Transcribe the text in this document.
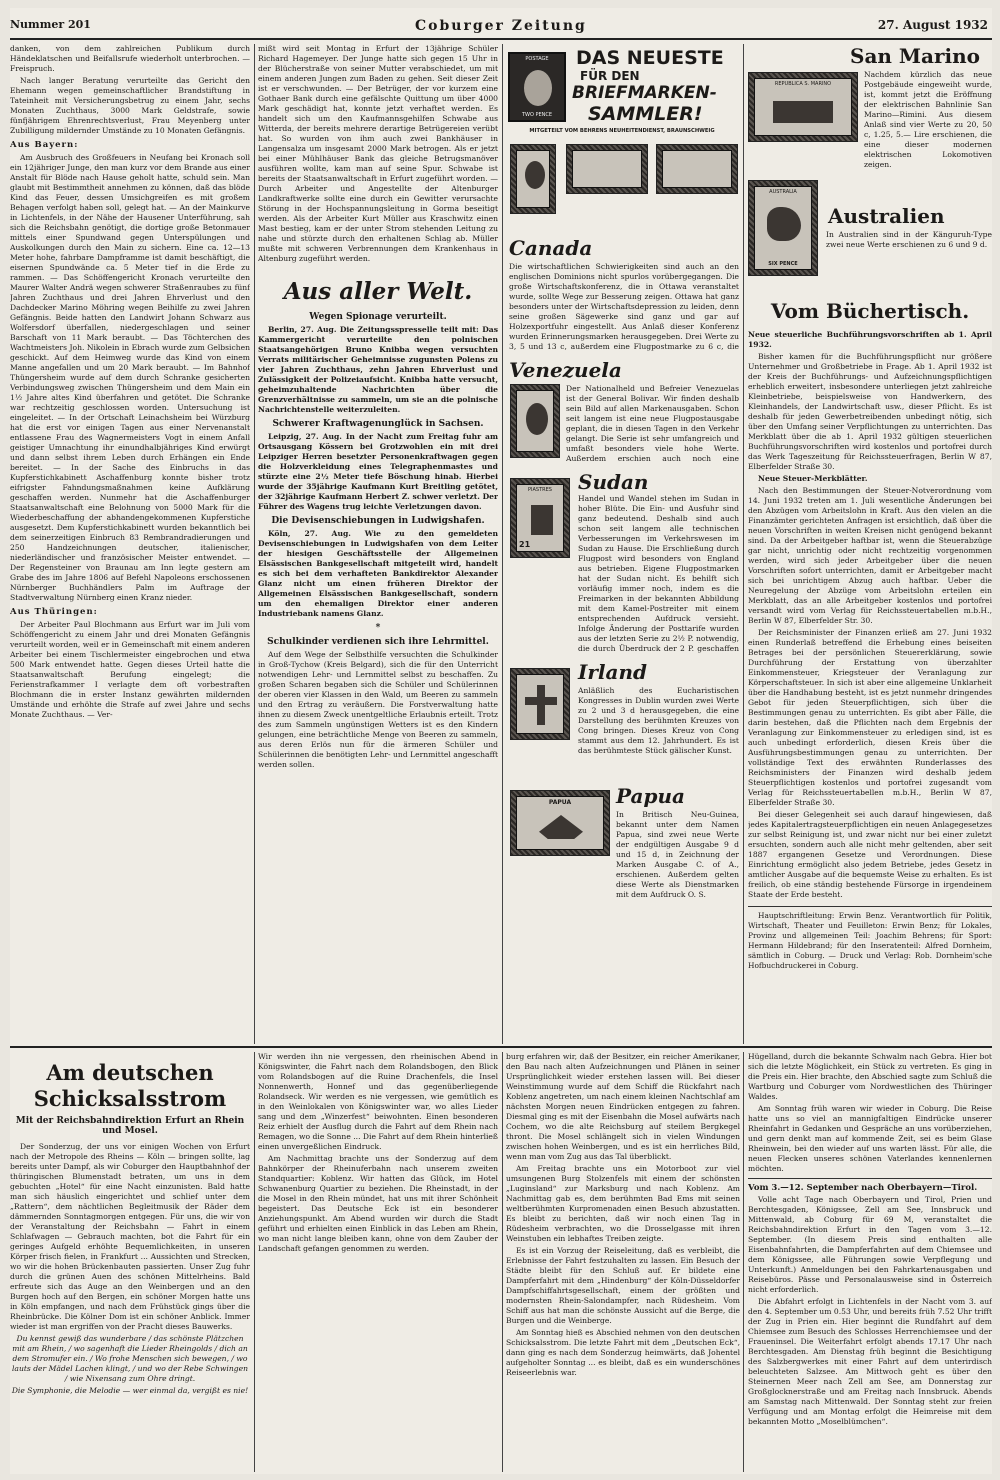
Nummer 201	Coburger Zeitung	27. August 1932

danken, von dem zahlreichen Publikum durch Händeklatschen und Beifallsrufe wiederholt unterbrochen. — Freispruch.

Nach langer Beratung verurteilte das Gericht den Ehemann wegen gemeinschaftlicher Brandstiftung in Tateinheit mit Versicherungsbetrug zu einem Jahr, sechs Monaten Zuchthaus, 3000 Mark Geldstrafe, sowie fünfjährigem Ehrenrechtsverlust, Frau Meyenberg unter Zubilligung mildernder Umstände zu 10 Monaten Gefängnis.

Aus Bayern:

Am Ausbruch des Großfeuers in Neufang bei Kronach soll ein 12jähriger Junge, den man kurz vor dem Brande aus einer Anstalt für Blöde nach Hause geholt hatte, schuld sein. Man glaubt mit Bestimmtheit annehmen zu können, daß das blöde Kind das Feuer, dessen Umsichgreifen es mit großem Behagen verfolgt haben soll, gelegt hat. — An der Mainkurve in Lichtenfels, in der Nähe der Hausener Unterführung, sah sich die Reichsbahn genötigt, die dortige große Betonmauer mittels einer Spundwand gegen Unterspülungen und Auskolkungen durch den Main zu sichern. Eine ca. 12—13 Meter hohe, fahrbare Dampframme ist damit beschäftigt, die eisernen Spundwände ca. 5 Meter tief in die Erde zu rammen. — Das Schöffengericht Kronach verurteilte den Maurer Walter Andrä wegen schwerer Straßenraubes zu fünf Jahren Zuchthaus und drei Jahren Ehrverlust und den Dachdecker Marino Möhring wegen Beihilfe zu zwei Jahren Gefängnis. Beide hatten den Landwirt Johann Schwarz aus Wolfersdorf überfallen, niedergeschlagen und seiner Barschaft von 11 Mark beraubt. — Das Töchterchen des Wachtmeisters Joh. Nikolein in Ebrach wurde zum Gelbsichen geschickt. Auf dem Heimweg wurde das Kind von einem Manne angefallen und um 20 Mark beraubt. — Im Bahnhof Thüngersheim wurde auf dem durch Schranke gesicherten Verbindungsweg zwischen Thüngersheim und dem Main ein 1½ Jahre altes Kind überfahren und getötet. Die Schranke war rechtzeitig geschlossen worden. Untersuchung ist eingeleitet. — In der Ortschaft Leinachsheim bei Würzburg hat die erst vor einigen Tagen aus einer Nervenanstalt entlassene Frau des Wagnermeisters Vogt in einem Anfall geistiger Umnachtung ihr einundhalbjähriges Kind erwürgt und dann selbst ihrem Leben durch Erhängen ein Ende bereitet. — In der Sache des Einbruchs in das Kupferstichkabinett Aschaffenburg konnte bisher trotz eifrigster Fahndungsmaßnahmen keine Aufklärung geschaffen werden. Nunmehr hat die Aschaffenburger Staatsanwaltschaft eine Belohnung von 5000 Mark für die Wiederbeschaffung der abhandengekommenen Kupferstiche ausgesetzt. Dem Kupferstichkabinett wurden bekanntlich bei dem seinerzeitigen Einbruch 83 Rembrandradierungen und 250 Handzeichnungen deutscher, italienischer, niederländischer und französischer Meister entwendet. — Der Regensteiner von Braunau am Inn legte gestern am Grabe des im Jahre 1806 auf Befehl Napoleons erschossenen Nürnberger Buchhändlers Palm im Auftrage der Stadtverwaltung Nürnberg einen Kranz nieder.

Aus Thüringen:

Der Arbeiter Paul Blochmann aus Erfurt war im Juli vom Schöffengericht zu einem Jahr und drei Monaten Gefängnis verurteilt worden, weil er in Gemeinschaft mit einem anderen Arbeiter bei einem Tischlermeister eingebrochen und etwa 500 Mark entwendet hatte. Gegen dieses Urteil hatte die Staatsanwaltschaft Berufung eingelegt; die Ferienstrafkammer I verlagte dem oft vorbestraften Blochmann die in erster Instanz gewährten mildernden Umstände und erhöhte die Strafe auf zwei Jahre und sechs Monate Zuchthaus. — Ver-

mißt wird seit Montag in Erfurt der 13jährige Schüler Richard Hagemeyer. Der Junge hatte sich gegen 15 Uhr in der Blücherstraße von seiner Mutter verabschiedet, um mit einem anderen Jungen zum Baden zu gehen. Seit dieser Zeit ist er verschwunden. — Der Betrüger, der vor kurzem eine Gothaer Bank durch eine gefälschte Quittung um über 4000 Mark geschädigt hat, konnte jetzt verhaftet werden. Es handelt sich um den Kaufmannsgehilfen Schwabe aus Witterda, der bereits mehrere derartige Betrügereien verübt hat. So wurden von ihm auch zwei Bankhäuser in Langensalza um insgesamt 2000 Mark betrogen. Als er jetzt bei einer Mühlhäuser Bank das gleiche Betrugsmanöver ausführen wollte, kam man auf seine Spur. Schwabe ist bereits der Staatsanwaltschaft in Erfurt zugeführt worden. — Durch Arbeiter und Angestellte der Altenburger Landkraftwerke sollte eine durch ein Gewitter verursachte Störung in der Hochspannungsleitung in Gorma beseitigt werden. Als der Arbeiter Kurt Müller aus Kraschwitz einen Mast bestieg, kam er der unter Strom stehenden Leitung zu nahe und stürzte durch den erhaltenen Schlag ab. Müller mußte mit schweren Verbrennungen dem Krankenhaus in Altenburg zugeführt werden.

Aus aller Welt.
Wegen Spionage verurteilt.

Berlin, 27. Aug. Die Zeitungsspresselle teilt mit: Das Kammergericht verurteilte den polnischen Staatsangehörigen Bruno Knibba wegen versuchten Verrats militärischer Geheimnisse zugunsten Polens zu vier Jahren Zuchthaus, zehn Jahren Ehrverlust und Zulässigkeit der Polizeiaufsicht. Knibba hatte versucht, geheimzuhaltende Nachrichten über die Grenzverhältnisse zu sammeln, um sie an die polnische Nachrichtenstelle weiterzuleiten.

Schwerer Kraftwagenunglück in Sachsen.

Leipzig, 27. Aug. In der Nacht zum Freitag fuhr am Ortsausgang Kössern bei Grotzwohlen ein mit drei Leipziger Herren besetzter Personenkraftwagen gegen die Holzverkleidung eines Telegraphenmastes und stürzte eine 2½ Meter tiefe Böschung hinab. Hierbei wurde der 35jährige Kaufmann Kurt Breitling getötet, der 32jährige Kaufmann Herbert Z. schwer verletzt. Der Führer des Wagens trug leichte Verletzungen davon.

Die Devisenschiebungen in Ludwigshafen.

Köln, 27. Aug. Wie zu den gemeldeten Devisenschiebungen in Ludwigshafen von dem Leiter der hiesigen Geschäftsstelle der Allgemeinen Elsässischen Bankgesellschaft mitgeteilt wird, handelt es sich bei dem verhafteten Bankdirektor Alexander Glanz nicht um einen früheren Direktor der Allgemeinen Elsässischen Bankgesellschaft, sondern um den ehemaligen Direktor einer anderen Industriebank namens Glanz.

*
Schulkinder verdienen sich ihre Lehrmittel.

Auf dem Wege der Selbsthilfe versuchten die Schulkinder in Groß-Tychow (Kreis Belgard), sich die für den Unterricht notwendigen Lehr- und Lernmittel selbst zu beschaffen. Zu großen Scharen begaben sich die Schüler und Schülerinnen der oberen vier Klassen in den Wald, um Beeren zu sammeln und den Ertrag zu veräußern. Die Forstverwaltung hatte ihnen zu diesem Zweck unentgeltliche Erlaubnis erteilt. Trotz des zum Sammeln ungünstigen Wetters ist es den Kindern gelungen, eine beträchtliche Menge von Beeren zu sammeln, aus deren Erlös nun für die ärmeren Schüler und Schülerinnen die benötigten Lehr- und Lernmittel angeschafft werden sollen.

POSTAGE
TWO PENCE
DAS NEUESTE
FÜR DEN
BRIEFMARKEN-
SAMMLER!
MITGETEILT VOM BEHRENS NEUHEITENDIENST, BRAUNSCHWEIG
Canada

Die wirtschaftlichen Schwierigkeiten sind auch an den englischen Dominions nicht spurlos vorübergegangen. Die große Wirtschaftskonferenz, die in Ottawa veranstaltet wurde, sollte Wege zur Besserung zeigen. Ottawa hat ganz besonders unter der Wirtschaftsdepression zu leiden, denn seine großen Sägewerke sind ganz und gar auf Holzexportfuhr eingestellt. Aus Anlaß dieser Konferenz wurden Erinnerungsmarken herausgegeben. Drei Werte zu 3, 5 und 13 c, außerdem eine Flugpostmarke zu 6 c, die

Venezuela

Der Nationalheld und Befreier Venezuelas ist der General Bolivar. Wir finden deshalb sein Bild auf allen Markenausgaben. Schon seit langem ist eine neue Flugpostausgabe geplant, die in diesen Tagen in den Verkehr gelangt. Die Serie ist sehr umfangreich und umfaßt besonders viele hohe Werte. Außerdem erschien auch noch eine

PIASTRES
21
Sudan

Handel und Wandel stehen im Sudan in hoher Blüte. Die Ein- und Ausfuhr sind ganz bedeutend. Deshalb sind auch schon seit langem alle technischen Verbesserungen im Verkehrswesen im Sudan zu Hause. Die Erschließung durch Flugpost wird besonders von England aus betrieben. Eigene Flugpostmarken hat der Sudan nicht. Es behilft sich vorläufig immer noch, indem es die Freimarken in der bekannten Abbildung mit dem Kamel-Postreiter mit einem entsprechenden Aufdruck versieht. Infolge Änderung der Posttarife wurden aus der letzten Serie zu 2½ P. notwendig, die durch Überdruck der 2 P. geschaffen

Irland

Anläßlich des Eucharistischen Kongresses in Dublin wurden zwei Werte zu 2 und 3 d herausgegeben, die eine Darstellung des berühmten Kreuzes von Cong bringen. Dieses Kreuz von Cong stammt aus dem 12. Jahrhundert. Es ist das berühmteste Stück gälischer Kunst.

PAPUA	Papua

In Britisch Neu-Guinea, bekannt unter dem Namen Papua, sind zwei neue Werte der endgültigen Ausgabe 9 d und 15 d, in Zeichnung der Marken Ausgabe C. of A., erschienen. Außerdem gelten diese Werte als Dienstmarken mit dem Aufdruck O. S.

San Marino
REPUBLICA S. MARINO

Nachdem kürzlich das neue Postgebäude eingeweiht wurde, ist, kommt jetzt die Eröffnung der elektrischen Bahnlinie San Marino—Rimini. Aus diesem Anlaß sind vier Werte zu 20, 50 c, 1.25, 5.— Lire erschienen, die eine dieser modernen elektrischen Lokomotiven zeigen.

Australien
AUSTRALIA
SIX PENCE

In Australien sind in der Känguruh-Type zwei neue Werte erschienen zu 6 und 9 d.

Vom Büchertisch.

Neue steuerliche Buchführungsvorschriften ab 1. April 1932.

Bisher kamen für die Buchführungspflicht nur größere Unternehmer und Großbetriebe in Frage. Ab 1. April 1932 ist der Kreis der Buchführungs- und Aufzeichnungspflichtigen erheblich erweitert, insbesondere unterliegen jetzt zahlreiche Kleinbetriebe, beispielsweise von Handwerkern, des Kleinhandels, der Landwirtschaft usw., dieser Pflicht. Es ist deshalb für jeden Gewerbetreibenden unbedingt nötig, sich über den Umfang seiner Verpflichtungen zu unterrichten. Das Merkblatt über die ab 1. April 1932 gültigen steuerlichen Buchführungsvorschriften wird kostenlos und portofrei durch das Werk Tageszeitung für Reichssteuerfragen, Berlin W 87, Elberfelder Straße 30.

Neue Steuer-Merkblätter.

Nach den Bestimmungen der Steuer-Notverordnung vom 14. Juni 1932 treten am 1. Juli wesentliche Änderungen bei den Abzügen vom Arbeitslohn in Kraft. Aus den vielen an die Finanzämter gerichteten Anfragen ist ersichtlich, daß über die neuen Vorschriften in weiten Kreisen nicht genügend bekannt sind. Da der Arbeitgeber haftbar ist, wenn die Steuerabzüge gar nicht, unrichtig oder nicht rechtzeitig vorgenommen werden, wird sich jeder Arbeitgeber über die neuen Vorschriften sofort unterrichten, damit er Arbeitgeber macht sich bei unrichtigem Abzug auch haftbar. Ueber die Neuregelung der Abzüge vom Arbeitslohn erteilen ein Merkblatt, das an alle Arbeitgeber kostenlos und portofrei versandt wird vom Verlag für Reichssteuertabellen m.b.H., Berlin W 87, Elberfelder Str. 30.

Der Reichsminister der Finanzen erließ am 27. Juni 1932 einen Runderlaß betreffend die Erhebung eines beiseiten Betrages bei der persönlichen Steuererklärung, sowie Durchführung der Erstattung von überzahlter Einkommensteuer, Kriegsteuer der Veranlagung zur Körperschaftsteuer. In sich ist aber eine allgemeine Unklarheit über die Handhabung besteht, ist es jetzt nunmehr dringendes Gebot für jeden Steuerpflichtigen, sich über die Bestimmungen genau zu unterrichten. Es gibt aber Fälle, die darin bestehen, daß die Pflichten nach dem Ergebnis der Veranlagung zur Einkommensteuer zu erledigen sind, ist es auch unbedingt erforderlich, diesen Kreis über die Ausführungsbestimmungen genau zu unterrichten. Der vollständige Text des erwähnten Runderlasses des Reichsministers der Finanzen wird deshalb jedem Steuerpflichtigen kostenlos und portofrei zugesandt vom Verlag für Reichssteuertabellen m.b.H., Berlin W 87, Elberfelder Straße 30.

Bei dieser Gelegenheit sei auch darauf hingewiesen, daß jedes Kapitalertragsteuerpflichtigen ein neuen Anlagegesetzes zur selbst Reinigung ist, und zwar nicht nur bei einer zuletzt ersuchten, sondern auch alle nicht mehr geltenden, aber seit 1887 ergangenen Gesetze und Verordnungen. Diese Einrichtung ermöglicht also jedem Betriebe, jedes Gesetz in amtlicher Ausgabe auf die bequemste Weise zu erhalten. Es ist freilich, ob eine ständig bestehende Fürsorge in irgendeinem Staate der Erde besteht.

Hauptschriftleitung: Erwin Benz. Verantwortlich für Politik, Wirtschaft, Theater und Feuilleton: Erwin Benz; für Lokales, Provinz und allgemeinen Teil: Joachim Behrens; für Sport: Hermann Hildebrand; für den Inseratenteil: Alfred Dornheim, sämtlich in Coburg. — Druck und Verlag: Rob. Dornheim'sche Hofbuchdruckerei in Coburg.

Am deutschen Schicksalsstrom
Mit der Reichsbahndirektion Erfurt an Rhein und Mosel.

Der Sonderzug, der uns vor einigen Wochen von Erfurt nach der Metropole des Rheins — Köln — bringen sollte, lag bereits unter Dampf, als wir Coburger den Hauptbahnhof der thüringischen Blumenstadt betraten, um uns in dem gebuchten „Hotel“ für eine Nacht einzunisten. Bald hatte man sich häuslich eingerichtet und schlief unter dem „Rattern“, dem nächtlichen Begleitmusik der Räder dem dämmernden Sonntagmorgen entgegen. Für uns, die wir von der Veranstaltung der Reichsbahn — Fahrt in einem Schlafwagen — Gebrauch machten, bot die Fahrt für ein geringes Aufgeld erhöhte Bequemlichkeiten, in unseren Körper frisch fielen, in Frankfurt ... Aussichten und Strecken, wo wir die hohen Brückenbauten passierten. Unser Zug fuhr durch die grünen Auen des schönen Mittelrheins. Bald erfreute sich das Auge an den Weinbergen und an den Burgen hoch auf den Bergen, ein schöner Morgen hatte uns in Köln empfangen, und nach dem Frühstück gings über die Rheinbrücke. Die Kölner Dom ist ein schöner Anblick. Immer wieder ist man ergriffen von der Pracht dieses Bauwerks.

Du kennst gewiß das wunderbare / das schönste Plätzchen mit am Rhein, / wo sagenhaft die Lieder Rheingolds / dich an dem Stromufer ein. / Wo frohe Menschen sich bewegen, / wo lauts der Mädel Lachen klingt, / und wo der Rebe Schwingen / wie Nixensang zum Ohre dringt.

Die Symphonie, die Melodie — wer einmal da, vergißt es nie!

Wir werden ihn nie vergessen, den rheinischen Abend in Königswinter, die Fahrt nach dem Rolandsbogen, den Blick vom Rolandsbogen auf die Ruine Drachenfels, die Insel Nonnenwerth, Honnef und das gegenüberliegende Rolandseck. Wir werden es nie vergessen, wie gemütlich es in den Weinlokalen von Königswinter war, wo alles Lieder sang und dem „Winzerfest“ beiwohnten. Einen besonderen Reiz erhielt der Ausflug durch die Fahrt auf dem Rhein nach Remagen, wo die Sonne ... Die Fahrt auf dem Rhein hinterließ einen unvergeßlichen Eindruck.

Am Nachmittag brachte uns der Sonderzug auf dem Bahnkörper der Rheinuferbahn nach unserem zweiten Standquartier: Koblenz. Wir hatten das Glück, im Hotel Schwanenburg Quartier zu beziehen. Die Rheinstadt, in der die Mosel in den Rhein mündet, hat uns mit ihrer Schönheit begeistert. Das Deutsche Eck ist ein besonderer Anziehungspunkt. Am Abend wurden wir durch die Stadt geführt und erhielten einen Einblick in das Leben am Rhein, wo man nicht lange bleiben kann, ohne von dem Zauber der Landschaft gefangen genommen zu werden.

burg erfahren wir, daß der Besitzer, ein reicher Amerikaner, den Bau nach alten Aufzeichnungen und Plänen in seiner Ursprünglichkeit wieder erstehen lassen will. Bei dieser Weinstimmung wurde auf dem Schiff die Rückfahrt nach Koblenz angetreten, um nach einem kleinen Nachtschlaf am nächsten Morgen neuen Eindrücken entgegen zu fahren. Diesmal ging es mit der Eisenbahn die Mosel aufwärts nach Cochem, wo die alte Reichsburg auf steilem Bergkegel thront. Die Mosel schlängelt sich in vielen Windungen zwischen hohen Weinbergen, und es ist ein herrliches Bild, wenn man vom Zug aus das Tal überblickt.

Am Freitag brachte uns ein Motorboot zur viel umsungenen Burg Stolzenfels mit einem der schönsten „Luginsland“ zur Marksburg und nach Koblenz. Am Nachmittag gab es, dem berühmten Bad Ems mit seinen weltberühmten Kurpromenaden einen Besuch abzustatten. Es bleibt zu berichten, daß wir noch einen Tag in Rüdesheim verbrachten, wo die Drosselgasse mit ihren Weinstuben ein lebhaftes Treiben zeigte.

Es ist ein Vorzug der Reiseleitung, daß es verbleibt, die Erlebnisse der Fahrt festzuhalten zu lassen. Ein Besuch der Städte bleibt für den Schluß auf. Er bildete eine Dampferfahrt mit dem „Hindenburg“ der Köln-Düsseldorfer Dampfschiffahrtsgesellschaft, einem der größten und modernsten Rhein-Salondampfer, nach Rüdesheim. Vom Schiff aus hat man die schönste Aussicht auf die Berge, die Burgen und die Weinberge.

Am Sonntag hieß es Abschied nehmen von den deutschen Schicksalsstrom. Die letzte Fahrt mit dem „Deutschen Eck“, dann ging es nach dem Sonderzug heimwärts, daß Johentel aufgeholter Sonntag ... es bleibt, daß es ein wunderschönes Reiseerlebnis war.

Hügelland, durch die bekannte Schwalm nach Gebra. Hier bot sich die letzte Möglichkeit, ein Stück zu vertreten. Es ging in die Preis ein. Hier brachte, den Abschied sagte zum Schluß die Wartburg und Coburger vom Nordwestlichen des Thüringer Waldes.

Am Sonntag früh waren wir wieder in Coburg. Die Reise hatte uns so viel an mannigfaltigen Eindrücke unserer Rheinfahrt in Gedanken und Gespräche an uns vorüberziehen, und gern denkt man auf kommende Zeit, sei es beim Glase Rheinwein, bei den wieder auf uns warten lässt. Für alle, die neuen Flecken unseres schönen Vaterlandes kennenlernen möchten.

Vom 3.—12. September nach Oberbayern—Tirol.

Volle acht Tage nach Oberbayern und Tirol, Prien und Berchtesgaden, Königssee, Zell am See, Innsbruck und Mittenwald, ab Coburg für 69 M, veranstaltet die Reichsbahndirektion Erfurt in den Tagen vom 3.—12. September. (In diesem Preis sind enthalten alle Eisenbahnfahrten, die Dampferfahrten auf dem Chiemsee und dem Königssee, alle Führungen sowie Verpflegung und Unterkunft.) Anmeldungen bei den Fahrkartenausgaben und Reisebüros. Pässe und Personalausweise sind in Österreich nicht erforderlich.

Die Abfahrt erfolgt in Lichtenfels in der Nacht vom 3. auf den 4. September um 0.53 Uhr, und bereits früh 7.52 Uhr trifft der Zug in Prien ein. Hier beginnt die Rundfahrt auf dem Chiemsee zum Besuch des Schlosses Herrenchiemsee und der Fraueninsel. Die Weiterfahrt erfolgt abends 17.17 Uhr nach Berchtesgaden. Am Dienstag früh beginnt die Besichtigung des Salzbergwerkes mit einer Fahrt auf dem unterirdisch beleuchteten Salzsee. Am Mittwoch geht es über den Steinernen Meer nach Zell am See, am Donnerstag zur Großglocknerstraße und am Freitag nach Innsbruck. Abends am Samstag nach Mittenwald. Der Sonntag steht zur freien Verfügung und am Montag erfolgt die Heimreise mit dem bekannten Motto „Moselblümchen“.
